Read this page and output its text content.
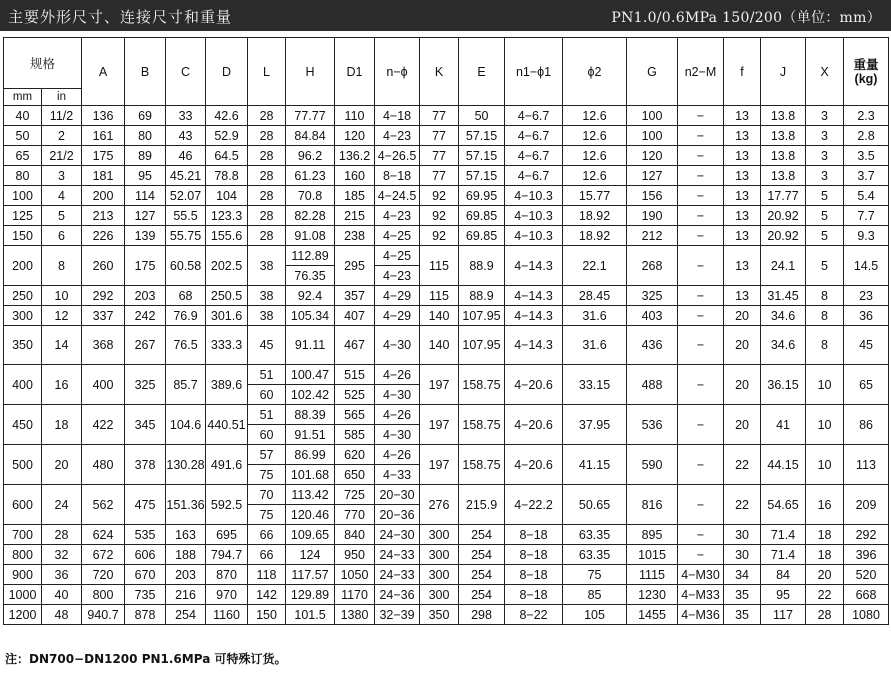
主要外形尺寸、连接尺寸和重量	PN1.0/0.6MPa 150/200（单位：mm）
规格		A	B	C	D	L	H	D1	n−ϕ	K	E	n1−ϕ1	ϕ2	G	n2−M	f	J	X	重量
(kg)
mm	in																		
40	11/2	136	69	33	42.6	28	77.77	110	4−18	77	50	4−6.7	12.6	100	−	13	13.8	3	2.3
50	2	161	80	43	52.9	28	84.84	120	4−23	77	57.15	4−6.7	12.6	100	−	13	13.8	3	2.8
65	21/2	175	89	46	64.5	28	96.2	136.2	4−26.5	77	57.15	4−6.7	12.6	120	−	13	13.8	3	3.5
80	3	181	95	45.21	78.8	28	61.23	160	8−18	77	57.15	4−6.7	12.6	127	−	13	13.8	3	3.7
100	4	200	114	52.07	104	28	70.8	185	4−24.5	92	69.95	4−10.3	15.77	156	−	13	17.77	5	5.4
125	5	213	127	55.5	123.3	28	82.28	215	4−23	92	69.85	4−10.3	18.92	190	−	13	20.92	5	7.7
150	6	226	139	55.75	155.6	28	91.08	238	4−25	92	69.85	4−10.3	18.92	212	−	13	20.92	5	9.3
200	8	260	175	60.58	202.5	38	112.89	295	4−25	115	88.9	4−14.3	22.1	268	−	13	24.1	5	14.5
							76.35		4−23										
250	10	292	203	68	250.5	38	92.4	357	4−29	115	88.9	4−14.3	28.45	325	−	13	31.45	8	23
300	12	337	242	76.9	301.6	38	105.34	407	4−29	140	107.95	4−14.3	31.6	403	−	20	34.6	8	36
350	14	368	267	76.5	333.3	45	91.11	467	4−30	140	107.95	4−14.3	31.6	436	−	20	34.6	8	45
400	16	400	325	85.7	389.6	51	100.47	515	4−26	197	158.75	4−20.6	33.15	488	−	20	36.15	10	65
						60	102.42	525	4−30										
450	18	422	345	104.6	440.51	51	88.39	565	4−26	197	158.75	4−20.6	37.95	536	−	20	41	10	86
						60	91.51	585	4−30										
500	20	480	378	130.28	491.6	57	86.99	620	4−26	197	158.75	4−20.6	41.15	590	−	22	44.15	10	113
						75	101.68	650	4−33										
600	24	562	475	151.36	592.5	70	113.42	725	20−30	276	215.9	4−22.2	50.65	816	−	22	54.65	16	209
						75	120.46	770	20−36										
700	28	624	535	163	695	66	109.65	840	24−30	300	254	8−18	63.35	895	−	30	71.4	18	292
800	32	672	606	188	794.7	66	124	950	24−33	300	254	8−18	63.35	1015	−	30	71.4	18	396
900	36	720	670	203	870	118	117.57	1050	24−33	300	254	8−18	75	1115	4−M30	34	84	20	520
1000	40	800	735	216	970	142	129.89	1170	24−36	300	254	8−18	85	1230	4−M33	35	95	22	668
1200	48	940.7	878	254	1160	150	101.5	1380	32−39	350	298	8−22	105	1455	4−M36	35	117	28	1080
注：DN700−DN1200 PN1.6MPa 可特殊订货。
